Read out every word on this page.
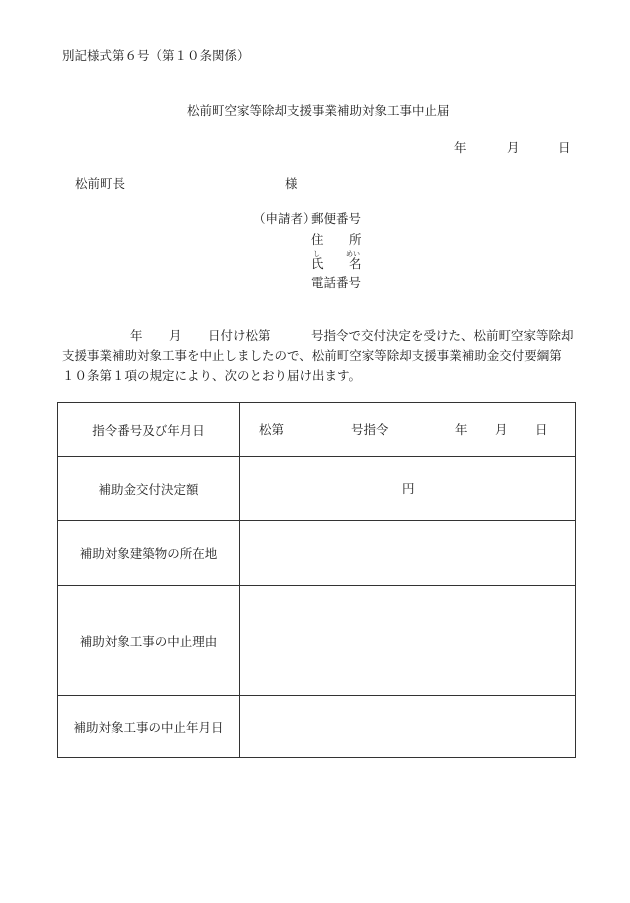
別記様式第６号（第１０条関係）
松前町空家等除却支援事業補助対象工事中止届
年	月	日
松前町長	様
（申請者）
郵便番号
住 所
し	めい
氏 名
電話番号
年 月 日付け松第	号指令で交付決定を受けた、松前町空家等除却
支援事業補助対象工事を中止しましたので、松前町空家等除却支援事業補助金交付要綱第
１０条第１項の規定により、次のとおり届け出ます。
指令番号及び年月日	松第 号指令 年 月 日

補助金交付決定額	円

補助対象建築物の所在地	
補助対象工事の中止理由	
補助対象工事の中止年月日	
